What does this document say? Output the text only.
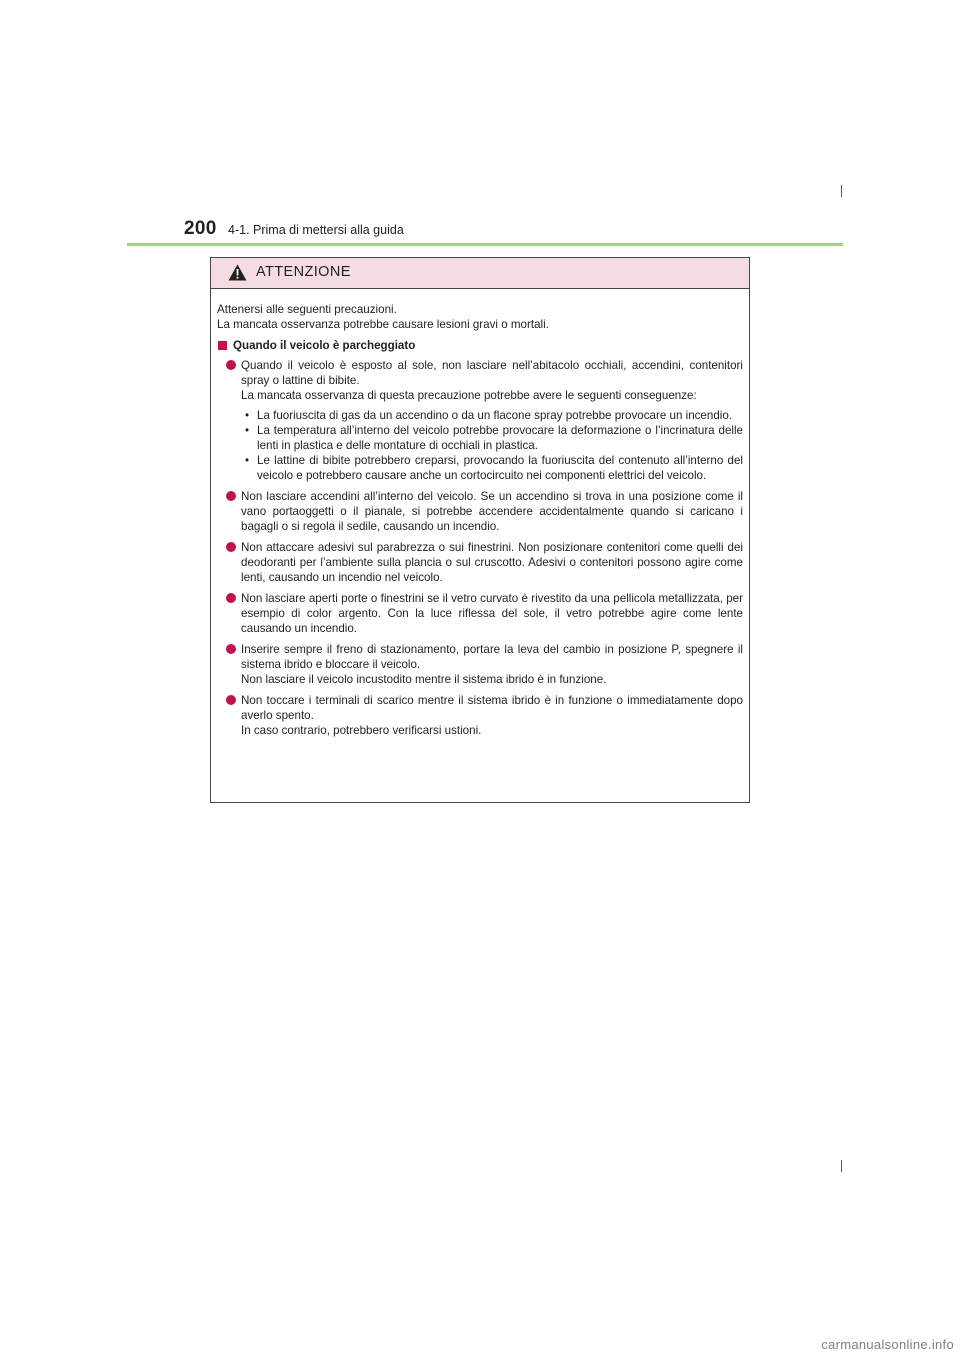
200 4-1. Prima di mettersi alla guida
ATTENZIONE

Attenersi alle seguenti precauzioni.

La mancata osservanza potrebbe causare lesioni gravi o mortali.

Quando il veicolo è parcheggiato

Quando il veicolo è esposto al sole, non lasciare nell’abitacolo occhiali, accendini, contenitori spray o lattine di bibite.

La mancata osservanza di questa precauzione potrebbe avere le seguenti conseguenze:

• La fuoriuscita di gas da un accendino o da un flacone spray potrebbe provocare un incendio.
• La temperatura all’interno del veicolo potrebbe provocare la deformazione o l’incrinatura delle lenti in plastica e delle montature di occhiali in plastica.
• Le lattine di bibite potrebbero creparsi, provocando la fuoriuscita del contenuto all’interno del veicolo e potrebbero causare anche un cortocircuito nei componenti elettrici del veicolo.

Non lasciare accendini all’interno del veicolo. Se un accendino si trova in una posizione come il vano portaoggetti o il pianale, si potrebbe accendere accidentalmente quando si caricano i bagagli o si regola il sedile, causando un incendio.

Non attaccare adesivi sul parabrezza o sui finestrini. Non posizionare contenitori come quelli dei deodoranti per l’ambiente sulla plancia o sul cruscotto. Adesivi o contenitori possono agire come lenti, causando un incendio nel veicolo.

Non lasciare aperti porte o finestrini se il vetro curvato è rivestito da una pellicola metallizzata, per esempio di color argento. Con la luce riflessa del sole, il vetro potrebbe agire come lente causando un incendio.

Inserire sempre il freno di stazionamento, portare la leva del cambio in posizione P, spegnere il sistema ibrido e bloccare il veicolo.

Non lasciare il veicolo incustodito mentre il sistema ibrido è in funzione.

Non toccare i terminali di scarico mentre il sistema ibrido è in funzione o immediatamente dopo averlo spento.

In caso contrario, potrebbero verificarsi ustioni.

carmanualsonline.info
